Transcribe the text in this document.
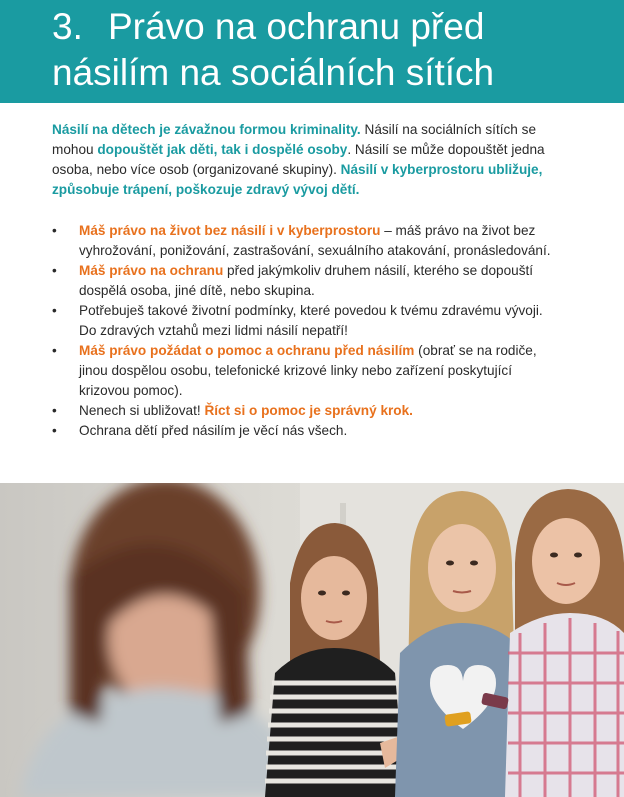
3. Právo na ochranu před
násilím na sociálních sítích

Násilí na dětech je závažnou formou kriminality. Násilí na sociálních sítích se mohou dopouštět jak děti, tak i dospělé osoby. Násilí se může dopouštět jedna osoba, nebo více osob (organizované skupiny). Násilí v kyberprostoru ubližuje, způsobuje trápení, poškozuje zdravý vývoj dětí.

• Máš právo na život bez násilí i v kyberprostoru – máš právo na život bez vyhrožování, ponižování, zastrašování, sexuálního atakování, pronásledování.
• Máš právo na ochranu před jakýmkoliv druhem násilí, kterého se dopouští dospělá osoba, jiné dítě, nebo skupina.
• Potřebuješ takové životní podmínky, které povedou k tvému zdravému vývoji. Do zdravých vztahů mezi lidmi násilí nepatří!
• Máš právo požádat o pomoc a ochranu před násilím (obrať se na rodiče, jinou dospělou osobu, telefonické krizové linky nebo zařízení poskytující krizovou pomoc).
• Nenech si ubližovat! Říct si o pomoc je správný krok.
• Ochrana dětí před násilím je věcí nás všech.
